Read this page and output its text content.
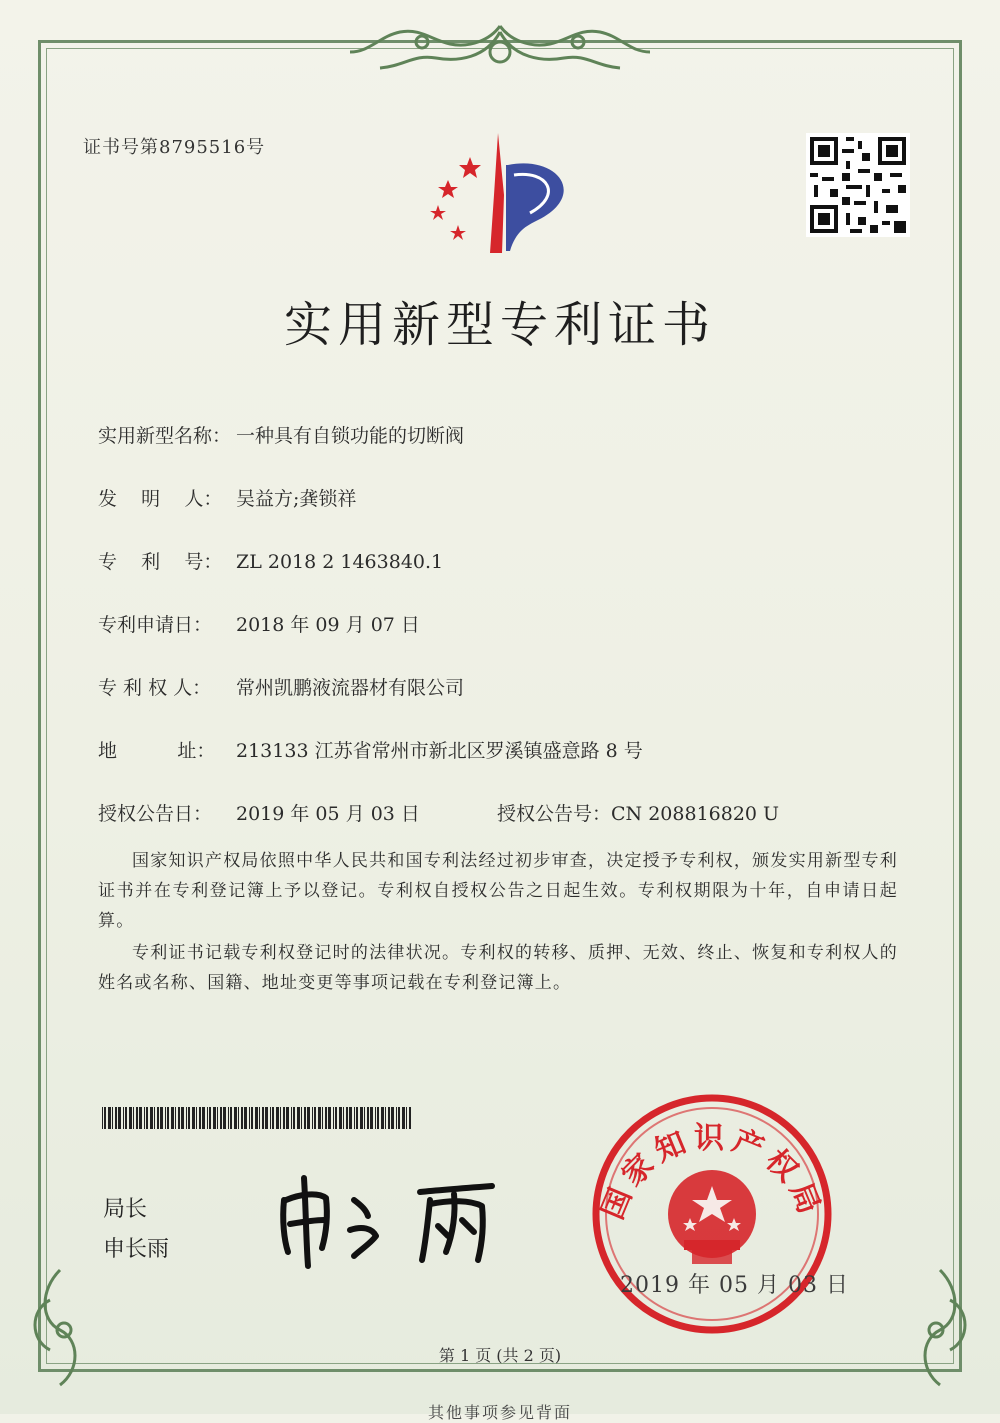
证书号第8795516号
实用新型专利证书
实用新型名称： 一种具有自锁功能的切断阀
发    明    人： 吴益方;龚锁祥
专    利    号： ZL 2018 2 1463840.1
专利申请日： 2018 年 09 月 07 日
专 利 权 人： 常州凯鹏液流器材有限公司
地          址： 213133 江苏省常州市新北区罗溪镇盛意路 8 号
授权公告日： 2019 年 05 月 03 日	授权公告号：CN 208816820 U
国家知识产权局依照中华人民共和国专利法经过初步审查，决定授予专利权，颁发实用新型专利证书并在专利登记簿上予以登记。专利权自授权公告之日起生效。专利权期限为十年，自申请日起算。
专利证书记载专利权登记时的法律状况。专利权的转移、质押、无效、终止、恢复和专利权人的姓名或名称、国籍、地址变更等事项记载在专利登记簿上。
局长
申长雨
国家知识产权局
2019 年 05 月 03 日
第 1 页 (共 2 页)
其他事项参见背面
